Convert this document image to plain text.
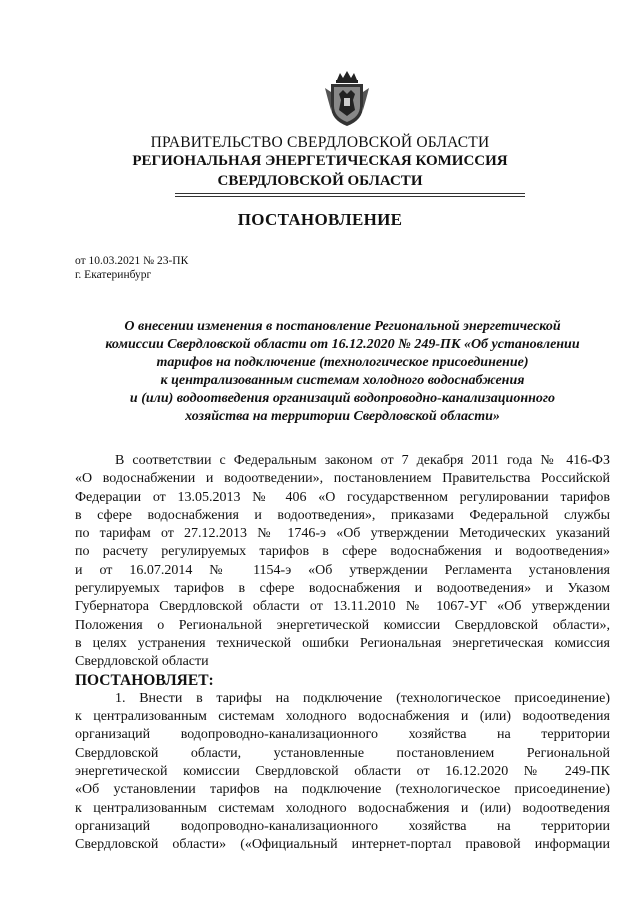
ПРАВИТЕЛЬСТВО СВЕРДЛОВСКОЙ ОБЛАСТИ
РЕГИОНАЛЬНАЯ ЭНЕРГЕТИЧЕСКАЯ КОМИССИЯ
СВЕРДЛОВСКОЙ ОБЛАСТИ
ПОСТАНОВЛЕНИЕ
от 10.03.2021 № 23-ПК
г. Екатеринбург
О внесении изменения в постановление Региональной энергетической
комиссии Свердловской области от 16.12.2020 № 249-ПК «Об установлении
тарифов на подключение (технологическое присоединение)
к централизованным системам холодного водоснабжения
и (или) водоотведения организаций водопроводно-канализационного
хозяйства на территории Свердловской области»
В соответствии с Федеральным законом от 7 декабря 2011 года № 416-ФЗ
«О водоснабжении и водоотведении», постановлением Правительства Российской
Федерации от 13.05.2013 № 406 «О государственном регулировании тарифов
в сфере водоснабжения и водоотведения», приказами Федеральной службы
по тарифам от 27.12.2013 № 1746-э «Об утверждении Методических указаний
по расчету регулируемых тарифов в сфере водоснабжения и водоотведения»
и от 16.07.2014 № 1154-э «Об утверждении Регламента установления
регулируемых тарифов в сфере водоснабжения и водоотведения» и Указом
Губернатора Свердловской области от 13.11.2010 № 1067-УГ «Об утверждении
Положения о Региональной энергетической комиссии Свердловской области»,
в целях устранения технической ошибки Региональная энергетическая комиссия
Свердловской области
ПОСТАНОВЛЯЕТ:
1. Внести в тарифы на подключение (технологическое присоединение)
к централизованным системам холодного водоснабжения и (или) водоотведения
организаций водопроводно-канализационного хозяйства на территории
Свердловской области, установленные постановлением Региональной
энергетической комиссии Свердловской области от 16.12.2020 № 249-ПК
«Об установлении тарифов на подключение (технологическое присоединение)
к централизованным системам холодного водоснабжения и (или) водоотведения
организаций водопроводно-канализационного хозяйства на территории
Свердловской области» («Официальный интернет-портал правовой информации
